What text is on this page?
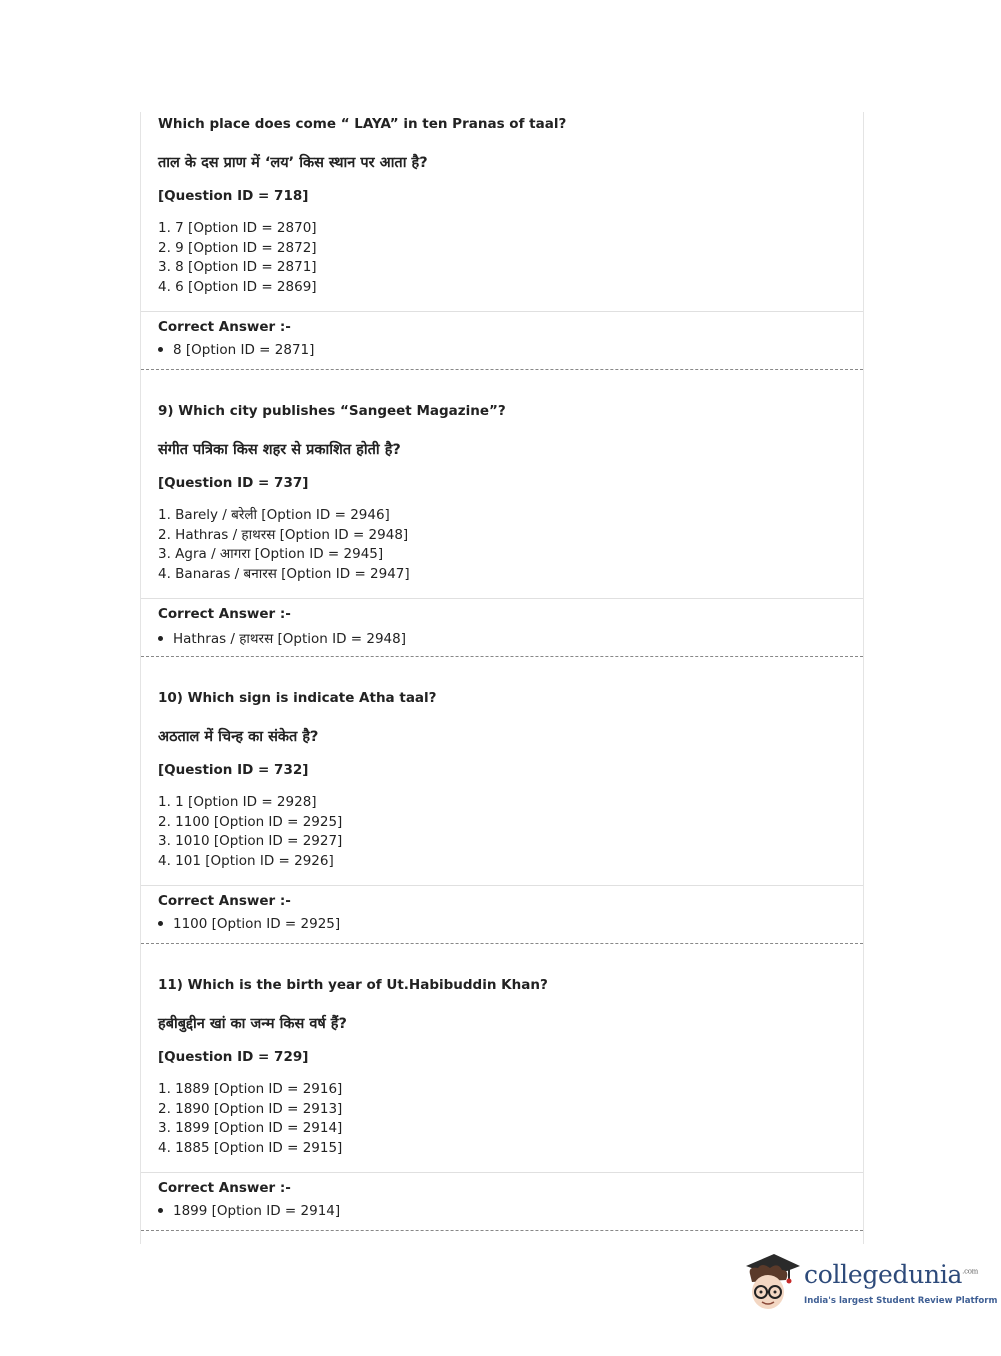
Which place does come “ LAYA” in ten Pranas of taal?
ताल के दस प्राण में ‘लय’ किस स्थान पर आता है?
[Question ID = 718]
1. 7 [Option ID = 2870]
2. 9 [Option ID = 2872]
3. 8 [Option ID = 2871]
4. 6 [Option ID = 2869]
Correct Answer :-
8 [Option ID = 2871]
9) Which city publishes “Sangeet Magazine”?
संगीत पत्रिका किस शहर से प्रकाशित होती है?
[Question ID = 737]
1. Barely / बरेली [Option ID = 2946]
2. Hathras / हाथरस [Option ID = 2948]
3. Agra / आगरा [Option ID = 2945]
4. Banaras / बनारस [Option ID = 2947]
Correct Answer :-
Hathras / हाथरस [Option ID = 2948]
10) Which sign is indicate Atha taal?
अठताल में चिन्ह का संकेत है?
[Question ID = 732]
1. 1 [Option ID = 2928]
2. 1100 [Option ID = 2925]
3. 1010 [Option ID = 2927]
4. 101 [Option ID = 2926]
Correct Answer :-
1100 [Option ID = 2925]
11) Which is the birth year of Ut.Habibuddin Khan?
हबीबुद्दीन खां का जन्म किस वर्ष हैं?
[Question ID = 729]
1. 1889 [Option ID = 2916]
2. 1890 [Option ID = 2913]
3. 1899 [Option ID = 2914]
4. 1885 [Option ID = 2915]
Correct Answer :-
1899 [Option ID = 2914]
collegedunia$^{.com}$
India's largest Student Review Platform
